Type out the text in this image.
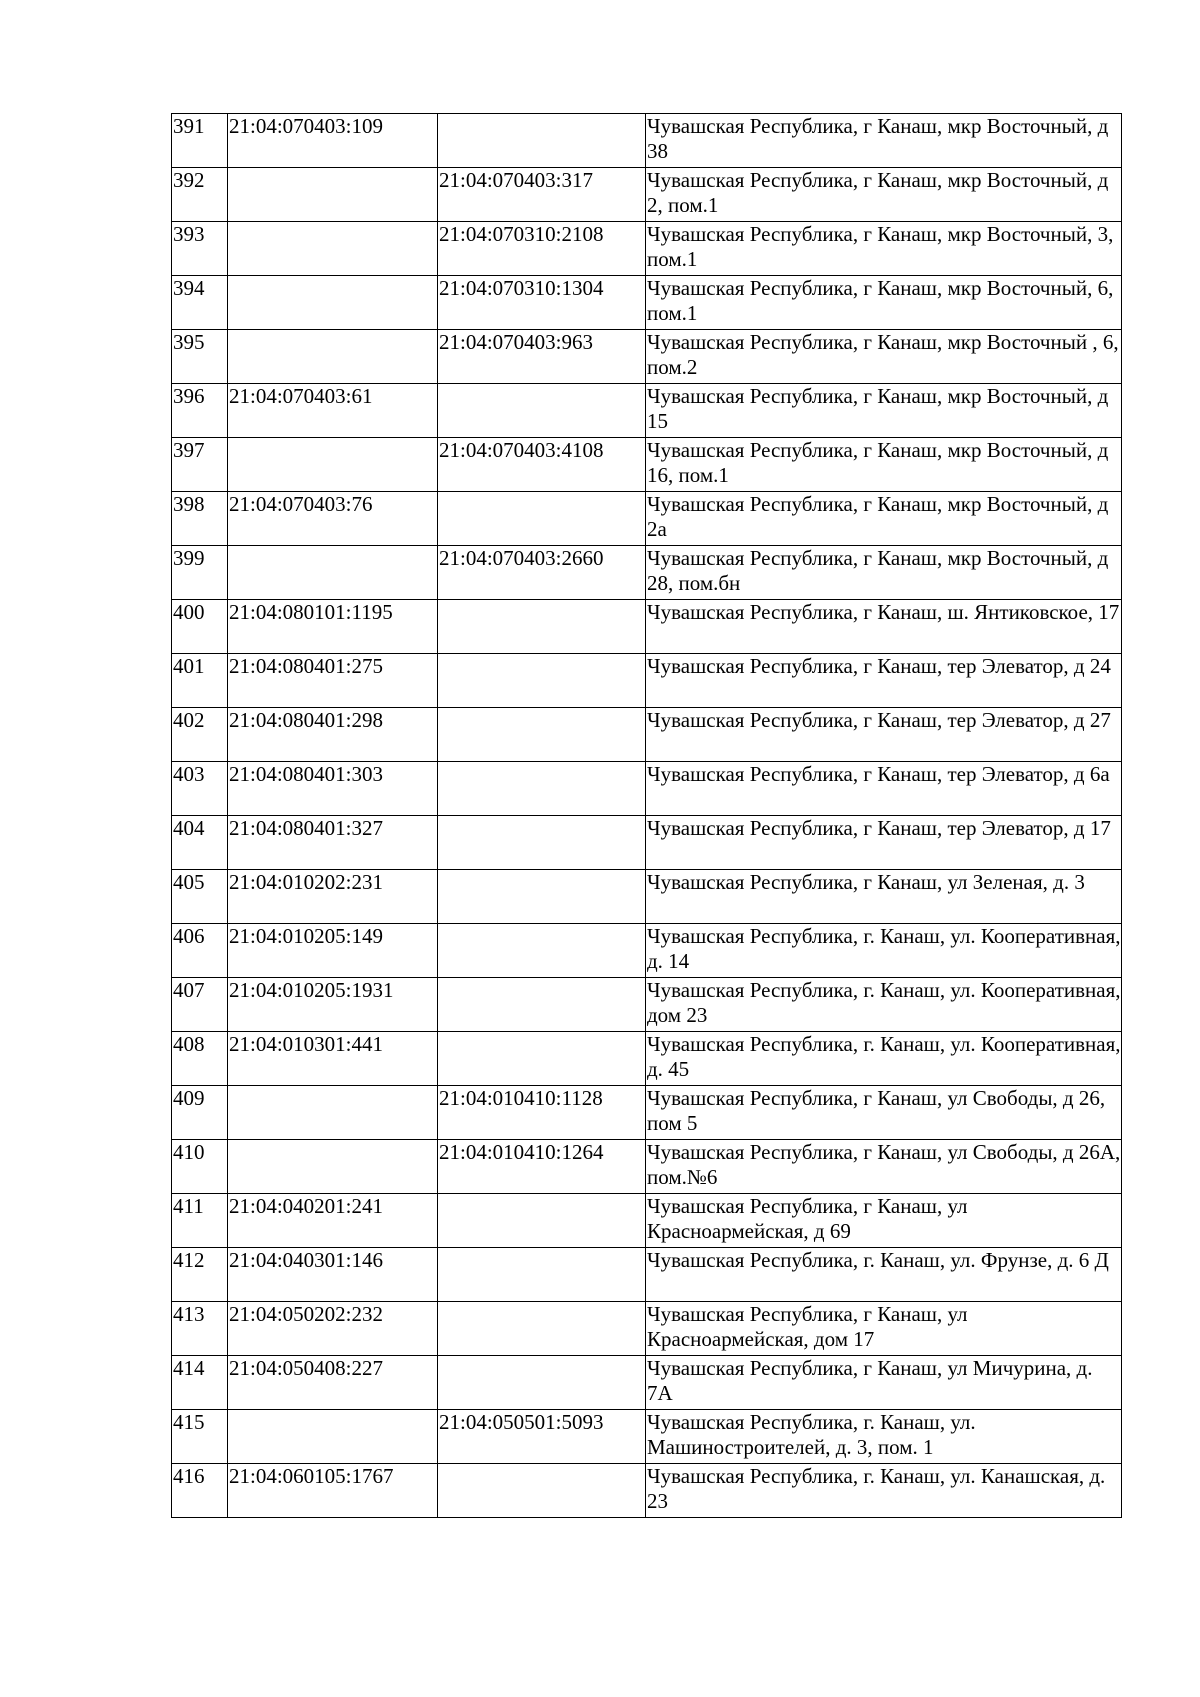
391	21:04:070403:109		Чувашская Республика, г Канаш, мкр Восточный, д 38
392		21:04:070403:317	Чувашская Республика, г Канаш, мкр Восточный, д 2, пом.1
393		21:04:070310:2108	Чувашская Республика, г Канаш, мкр Восточный, 3, пом.1
394		21:04:070310:1304	Чувашская Республика, г Канаш, мкр Восточный, 6, пом.1
395		21:04:070403:963	Чувашская Республика, г Канаш, мкр Восточный , 6, пом.2
396	21:04:070403:61		Чувашская Республика, г Канаш, мкр Восточный, д 15
397		21:04:070403:4108	Чувашская Республика, г Канаш, мкр Восточный, д 16, пом.1
398	21:04:070403:76		Чувашская Республика, г Канаш, мкр Восточный, д 2а
399		21:04:070403:2660	Чувашская Республика, г Канаш, мкр Восточный, д 28, пом.бн
400	21:04:080101:1195		Чувашская Республика, г Канаш, ш. Янтиковское, 17
401	21:04:080401:275		Чувашская Республика, г Канаш, тер Элеватор, д 24
402	21:04:080401:298		Чувашская Республика, г Канаш, тер Элеватор, д 27
403	21:04:080401:303		Чувашская Республика, г Канаш, тер Элеватор, д 6а
404	21:04:080401:327		Чувашская Республика, г Канаш, тер Элеватор, д 17
405	21:04:010202:231		Чувашская Республика, г Канаш, ул Зеленая, д. 3
406	21:04:010205:149		Чувашская Республика, г. Канаш, ул. Кооперативная, д. 14
407	21:04:010205:1931		Чувашская Республика, г. Канаш, ул. Кооперативная, дом 23
408	21:04:010301:441		Чувашская Республика, г. Канаш, ул. Кооперативная, д. 45
409		21:04:010410:1128	Чувашская Республика, г Канаш, ул Свободы, д 26, пом 5
410		21:04:010410:1264	Чувашская Республика, г Канаш, ул Свободы, д 26А, пом.№6
411	21:04:040201:241		Чувашская Республика, г Канаш, ул Красноармейская, д 69
412	21:04:040301:146		Чувашская Республика, г. Канаш, ул. Фрунзе, д. 6 Д
413	21:04:050202:232		Чувашская Республика, г Канаш, ул Красноармейская, дом 17
414	21:04:050408:227		Чувашская Республика, г Канаш, ул Мичурина, д. 7А
415		21:04:050501:5093	Чувашская Республика, г. Канаш, ул. Машиностроителей, д. 3, пом. 1
416	21:04:060105:1767		Чувашская Республика, г. Канаш, ул. Канашская, д. 23
